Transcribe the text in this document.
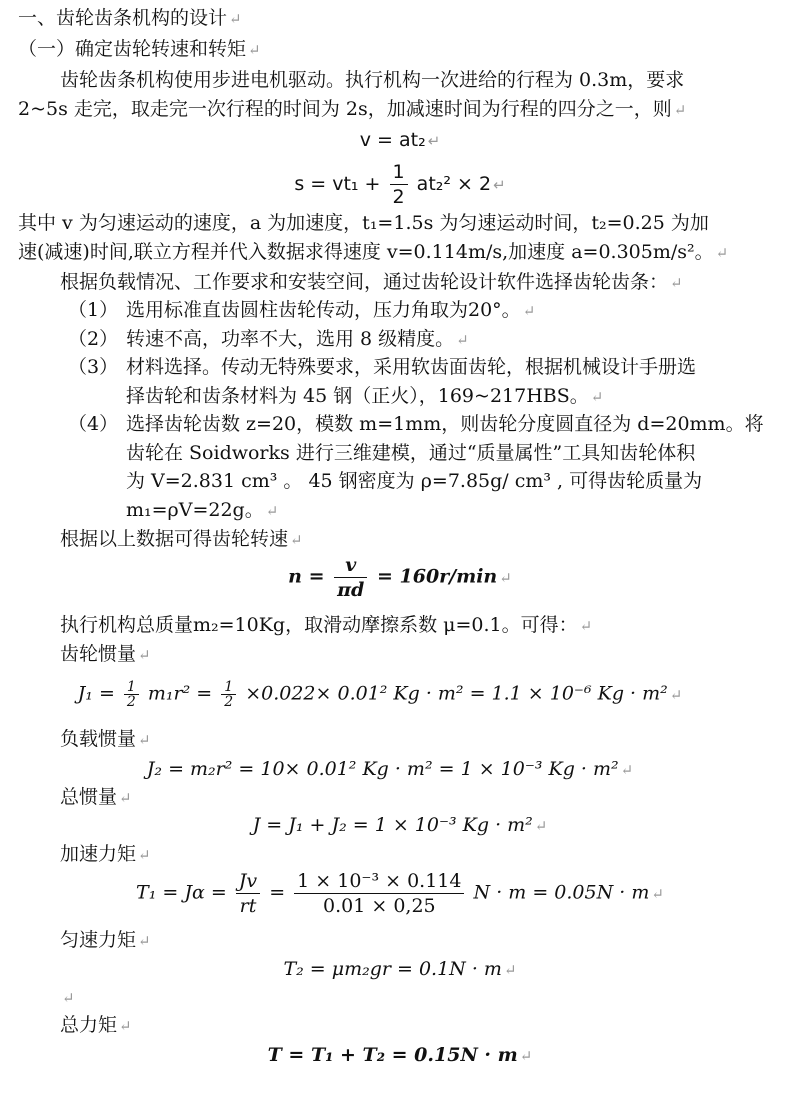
一、齿轮齿条机构的设计 ↵
（一）确定齿轮转速和转矩 ↵
齿轮齿条机构使用步进电机驱动。执行机构一次进给的行程为 0.3m，要求
2~5s 走完，取走完一次行程的时间为 2s，加减速时间为行程的四分之一，则 ↵
v = at₂ ↵
$s = vt_1 + \frac{1}{2} at_2^2 \times 2$ ↵
其中 v 为匀速运动的速度，a 为加速度，t₁=1.5s 为匀速运动时间，t₂=0.25 为加
速(减速)时间,联立方程并代入数据求得速度 v=0.114m/s,加速度 a=0.305m/s²。 ↵
根据负载情况、工作要求和安装空间，通过齿轮设计软件选择齿轮齿条： ↵
（1） 选用标准直齿圆柱齿轮传动，压力角取为20°。 ↵
（2） 转速不高，功率不大，选用 8 级精度。 ↵
（3） 材料选择。传动无特殊要求，采用软齿面齿轮，根据机械设计手册选
择齿轮和齿条材料为 45 钢（正火），169~217HBS。 ↵
（4） 选择齿轮齿数 z=20，模数 m=1mm，则齿轮分度圆直径为 d=20mm。将
齿轮在 Soidworks 进行三维建模，通过“质量属性”工具知齿轮体积
为 V=2.831 cm³ 。 45 钢密度为 ρ=7.85g/ cm³ , 可得齿轮质量为
m₁=ρV=22g。 ↵
根据以上数据可得齿轮转速 ↵
$n = \frac{v}{\pi d} = 160r/\min$ ↵
执行机构总质量m₂=10Kg，取滑动摩擦系数 μ=0.1。可得： ↵
齿轮惯量 ↵
$J_1 = \frac{1}{2} m_1r^2 = \frac{1}{2} \times 0.022\times 0.01^2$ Kg · m² = 1.1 × 10⁻⁶ Kg · m² ↵
负载惯量 ↵
J₂ = m₂r² = 10× 0.01² Kg · m² = 1 × 10⁻³ Kg · m² ↵
总惯量 ↵
J = J₁ + J₂ = 1 × 10⁻³ Kg · m² ↵
加速力矩 ↵
$T_1 = J\alpha = \frac{Jv}{rt} = \frac{\text{1 × 10⁻³ × 0.114}}{0.01 \times 0,25}$ N · m = 0.05N · m ↵
匀速力矩 ↵
T₂ = μm₂gr = 0.1N · m ↵
↵
总力矩 ↵
T = T₁ + T₂ = 0.15N · m ↵
